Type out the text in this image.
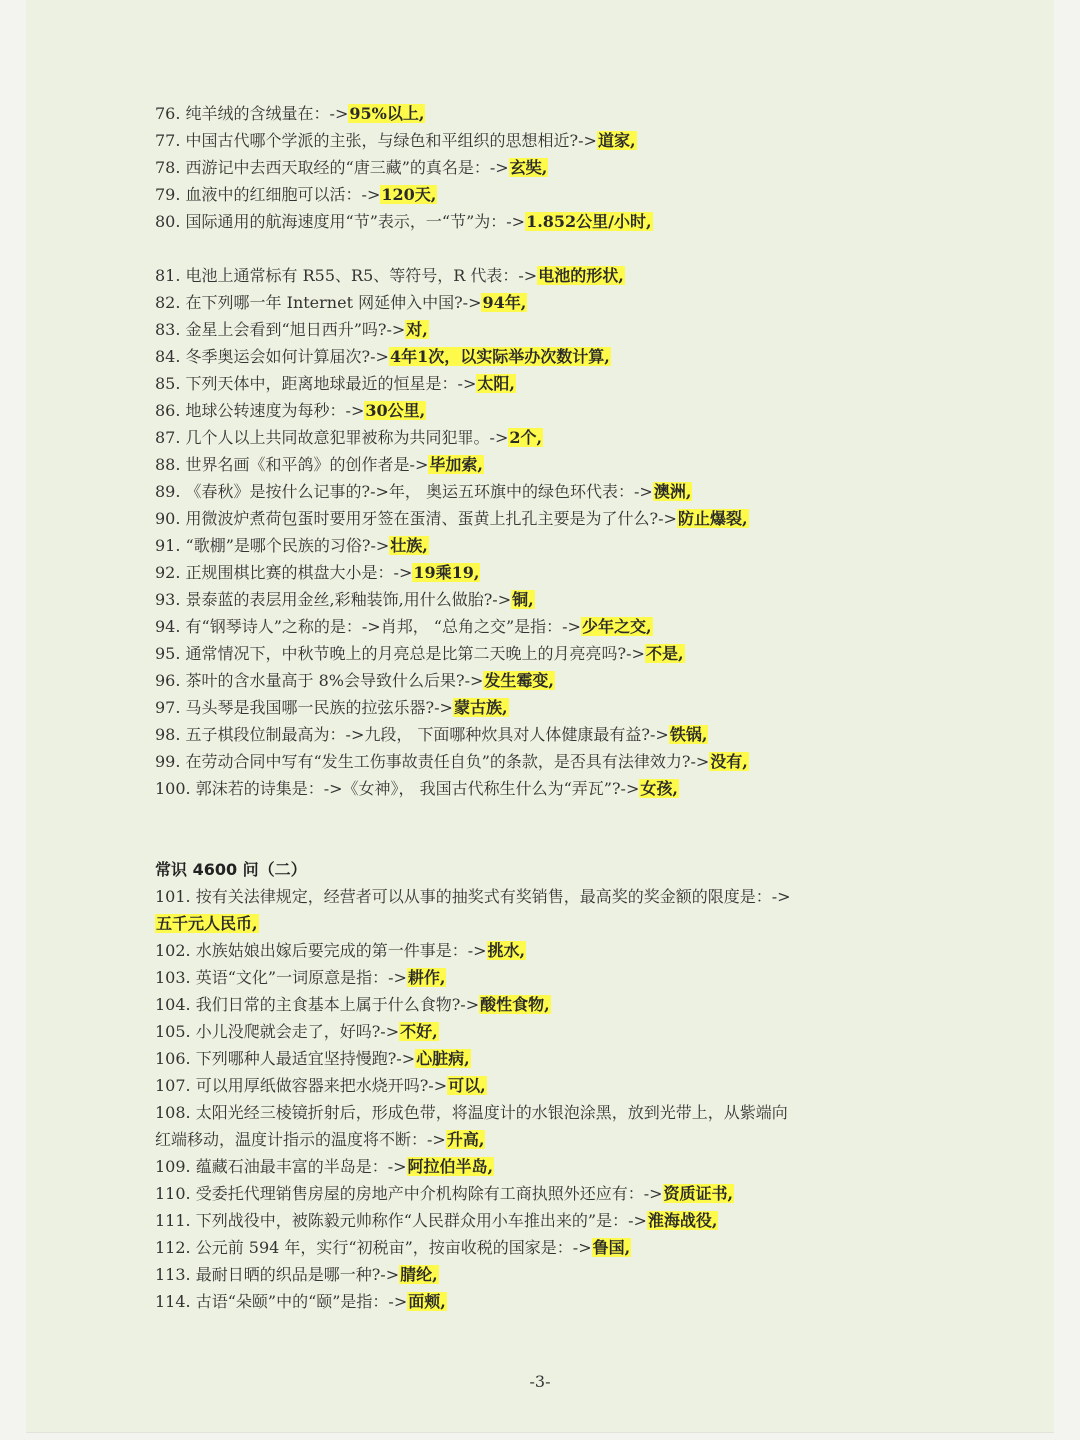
76. 纯羊绒的含绒量在：->95%以上,
77. 中国古代哪个学派的主张，与绿色和平组织的思想相近?->道家,
78. 西游记中去西天取经的“唐三藏”的真名是：->玄奘,
79. 血液中的红细胞可以活：->120天,
80. 国际通用的航海速度用“节”表示，一“节”为：->1.852公里/小时,
81. 电池上通常标有 R55、R5、等符号，R 代表：->电池的形状,
82. 在下列哪一年 Internet 网延伸入中国?->94年,
83. 金星上会看到“旭日西升”吗?->对,
84. 冬季奥运会如何计算届次?->4年1次，以实际举办次数计算,
85. 下列天体中，距离地球最近的恒星是：->太阳,
86. 地球公转速度为每秒：->30公里,
87. 几个人以上共同故意犯罪被称为共同犯罪。->2个,
88. 世界名画《和平鸽》的创作者是->毕加索,
89. 《春秋》是按什么记事的?->年， 奥运五环旗中的绿色环代表：->澳洲,
90. 用微波炉煮荷包蛋时要用牙签在蛋清、蛋黄上扎孔主要是为了什么?->防止爆裂,
91. “歌棚”是哪个民族的习俗?->壮族,
92. 正规围棋比赛的棋盘大小是：->19乘19,
93. 景泰蓝的表层用金丝,彩釉装饰,用什么做胎?->铜,
94. 有“钢琴诗人”之称的是：->肖邦， “总角之交”是指：->少年之交,
95. 通常情况下，中秋节晚上的月亮总是比第二天晚上的月亮亮吗?->不是,
96. 茶叶的含水量高于 8%会导致什么后果?->发生霉变,
97. 马头琴是我国哪一民族的拉弦乐器?->蒙古族,
98. 五子棋段位制最高为：->九段， 下面哪种炊具对人体健康最有益?->铁锅,
99. 在劳动合同中写有“发生工伤事故责任自负”的条款，是否具有法律效力?->没有,
100. 郭沫若的诗集是：->《女神》， 我国古代称生什么为“弄瓦”?->女孩,
常识 4600 问（二）
101. 按有关法律规定，经营者可以从事的抽奖式有奖销售，最高奖的奖金额的限度是：->
五千元人民币,
102. 水族姑娘出嫁后要完成的第一件事是：->挑水,
103. 英语“文化”一词原意是指：->耕作,
104. 我们日常的主食基本上属于什么食物?->酸性食物,
105. 小儿没爬就会走了，好吗?->不好,
106. 下列哪种人最适宜坚持慢跑?->心脏病,
107. 可以用厚纸做容器来把水烧开吗?->可以,
108. 太阳光经三棱镜折射后，形成色带，将温度计的水银泡涂黑，放到光带上，从紫端向
红端移动，温度计指示的温度将不断：->升高,
109. 蕴藏石油最丰富的半岛是：->阿拉伯半岛,
110. 受委托代理销售房屋的房地产中介机构除有工商执照外还应有：->资质证书,
111. 下列战役中，被陈毅元帅称作“人民群众用小车推出来的”是：->淮海战役,
112. 公元前 594 年，实行“初税亩”，按亩收税的国家是：->鲁国,
113. 最耐日晒的织品是哪一种?->腈纶,
114. 古语“朵颐”中的“颐”是指：->面颊,
-3-
